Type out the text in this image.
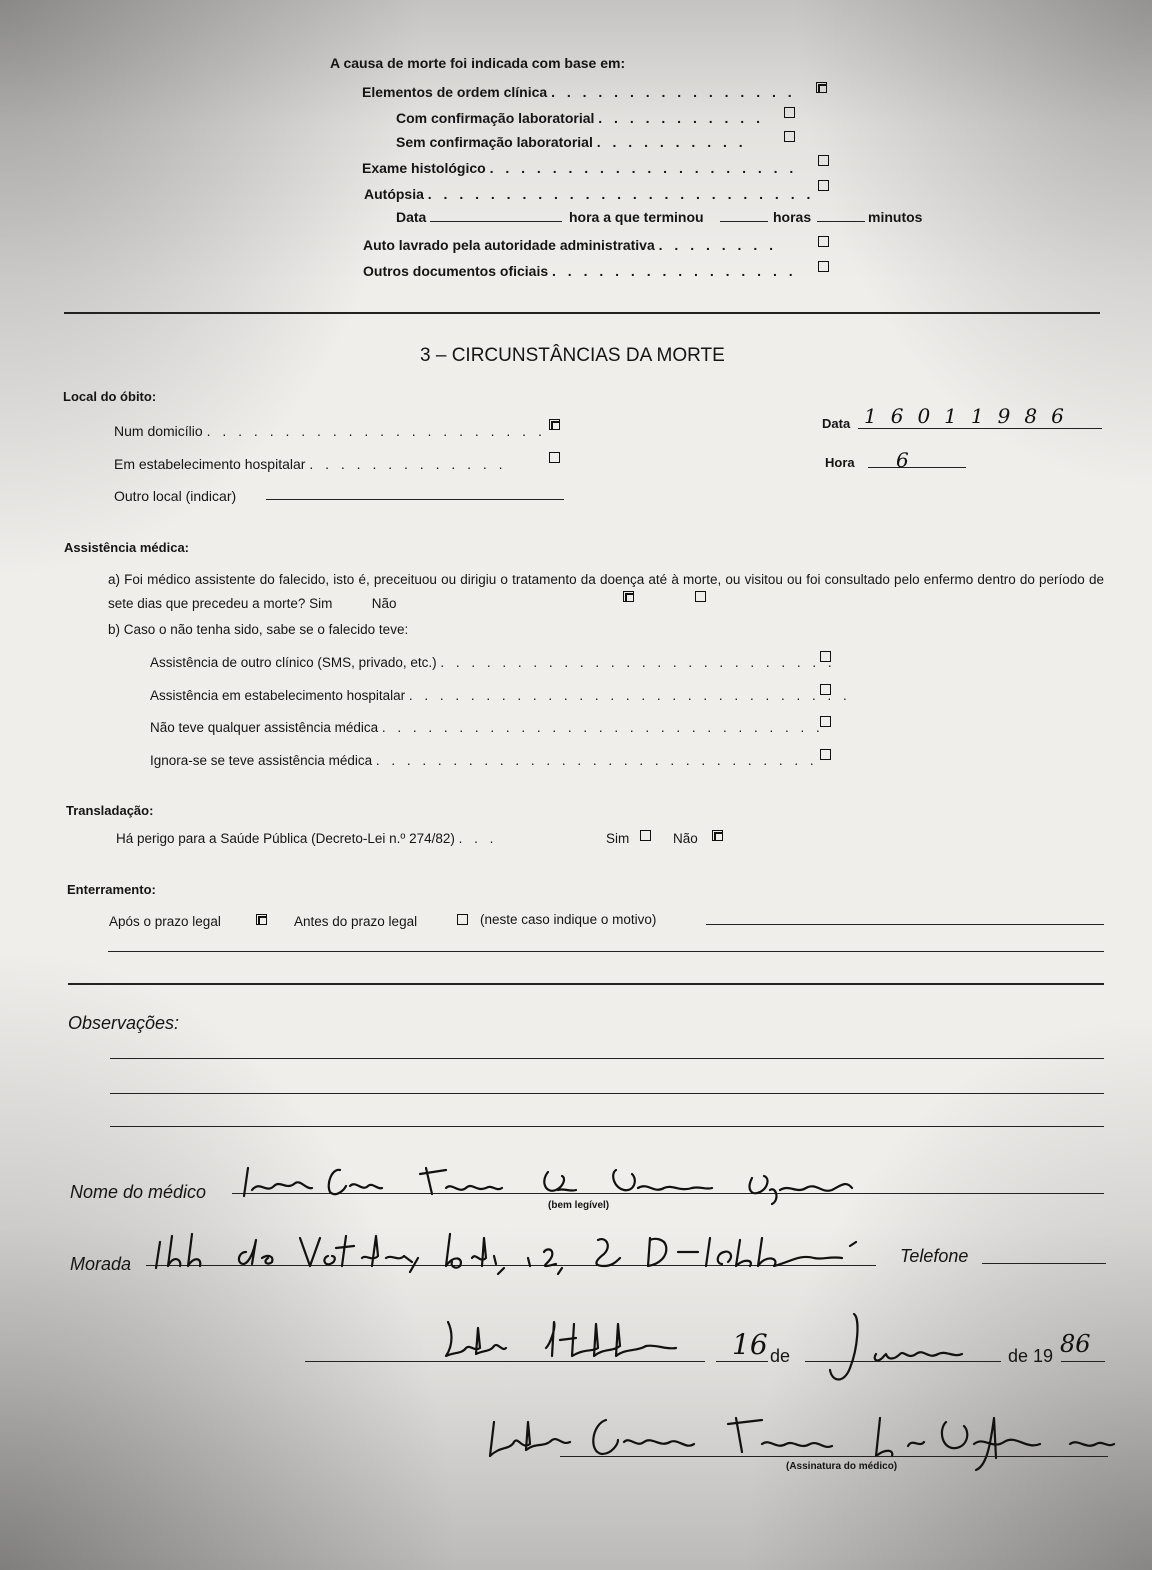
A causa de morte foi indicada com base em:
Elementos de ordem clínica . . . . . . . . . . . . . . . .
Com confirmação laboratorial . . . . . . . . . . .
Sem confirmação laboratorial . . . . . . . . . .
Exame histológico . . . . . . . . . . . . . . . . . . . .
Autópsia . . . . . . . . . . . . . . . . . . . . . . . . .
Data	hora a que terminou	horas	minutos
Auto lavrado pela autoridade administrativa . . . . . . . .
Outros documentos oficiais . . . . . . . . . . . . . . . .
3 – CIRCUNSTÂNCIAS DA MORTE
Local do óbito:
Num domicílio . . . . . . . . . . . . . . . . . . . . . .
Em estabelecimento hospitalar . . . . . . . . . . . . .
Outro local (indicar)
Data 16011986
Hora 6
Assistência médica:
a) Foi médico assistente do falecido, isto é, preceituou ou dirigiu o tratamento da doença até à morte, ou visitou ou foi consultado pelo enfermo dentro do período de sete dias que precedeu a morte? Sim	Não
b) Caso o não tenha sido, sabe se o falecido teve:
Assistência de outro clínico (SMS, privado, etc.) . . . . . . . . . . . . . . . . . . . . . . . . . .
Assistência em estabelecimento hospitalar . . . . . . . . . . . . . . . . . . . . . . . . . . . . .
Não teve qualquer assistência médica . . . . . . . . . . . . . . . . . . . . . . . . . . . . .
Ignora-se se teve assistência médica . . . . . . . . . . . . . . . . . . . . . . . . . . . . .
Transladação:
Há perigo para a Saúde Pública (Decreto-Lei n.º 274/82) . . .	Sim	Não
Enterramento:
Após o prazo legal	Antes do prazo legal	(neste caso indique o motivo)
Observações:
Nome do médico
(bem legível)
Morada	Telefone
16 de	de 19 86
(Assinatura do médico)
